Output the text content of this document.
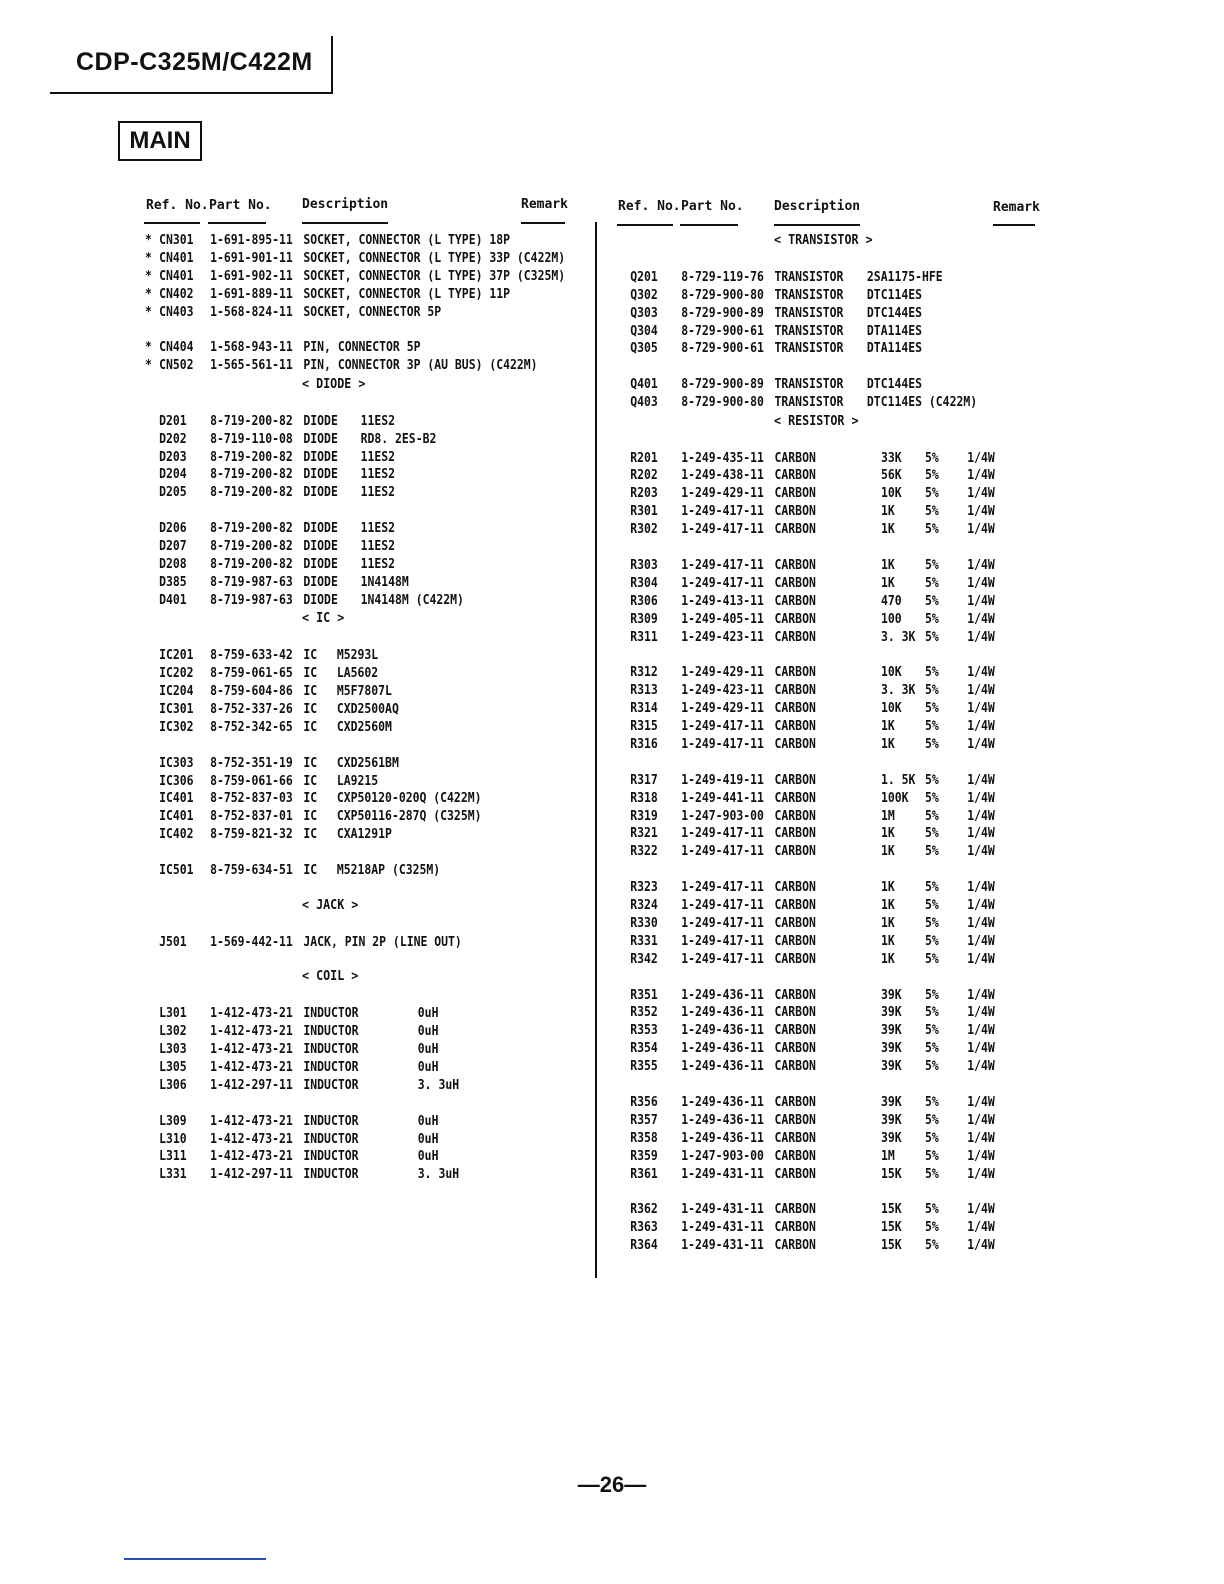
CDP-C325M/C422M
MAIN
Ref. No. Part No. Description	Remark	Ref. No. Part No. Description	Remark
* CN301 1-691-895-11 SOCKET, CONNECTOR (L TYPE) 18P
* CN401 1-691-901-11 SOCKET, CONNECTOR (L TYPE) 33P (C422M)
* CN401 1-691-902-11 SOCKET, CONNECTOR (L TYPE) 37P (C325M)
* CN402 1-691-889-11 SOCKET, CONNECTOR (L TYPE) 11P
* CN403 1-568-824-11 SOCKET, CONNECTOR 5P
* CN404 1-568-943-11 PIN, CONNECTOR 5P
* CN502 1-565-561-11 PIN, CONNECTOR 3P (AU BUS) (C422M)
< DIODE >
D201 8-719-200-82 DIODE 11ES2
D202 8-719-110-08 DIODE RD8. 2ES-B2
D203 8-719-200-82 DIODE 11ES2
D204 8-719-200-82 DIODE 11ES2
D205 8-719-200-82 DIODE 11ES2
D206 8-719-200-82 DIODE 11ES2
D207 8-719-200-82 DIODE 11ES2
D208 8-719-200-82 DIODE 11ES2
D385 8-719-987-63 DIODE 1N4148M
D401 8-719-987-63 DIODE 1N4148M (C422M)
< IC >
IC201 8-759-633-42 IC M5293L
IC202 8-759-061-65 IC LA5602
IC204 8-759-604-86 IC M5F7807L
IC301 8-752-337-26 IC CXD2500AQ
IC302 8-752-342-65 IC CXD2560M
IC303 8-752-351-19 IC CXD2561BM
IC306 8-759-061-66 IC LA9215
IC401 8-752-837-03 IC CXP50120-020Q (C422M)
IC401 8-752-837-01 IC CXP50116-287Q (C325M)
IC402 8-759-821-32 IC CXA1291P
IC501 8-759-634-51 IC M5218AP (C325M)
< JACK >
J501 1-569-442-11 JACK, PIN 2P (LINE OUT)
< COIL >
L301 1-412-473-21 INDUCTOR	0uH
L302 1-412-473-21 INDUCTOR	0uH
L303 1-412-473-21 INDUCTOR	0uH
L305 1-412-473-21 INDUCTOR	0uH
L306 1-412-297-11 INDUCTOR	3. 3uH
L309 1-412-473-21 INDUCTOR	0uH
L310 1-412-473-21 INDUCTOR	0uH
L311 1-412-473-21 INDUCTOR	0uH
L331 1-412-297-11 INDUCTOR	3. 3uH
< TRANSISTOR >
Q201 8-729-119-76 TRANSISTOR 2SA1175-HFE
Q302 8-729-900-80 TRANSISTOR DTC114ES
Q303 8-729-900-89 TRANSISTOR DTC144ES
Q304 8-729-900-61 TRANSISTOR DTA114ES
Q305 8-729-900-61 TRANSISTOR DTA114ES
Q401 8-729-900-89 TRANSISTOR DTC144ES
Q403 8-729-900-80 TRANSISTOR DTC114ES (C422M)
< RESISTOR >
R201 1-249-435-11 CARBON	33K 5% 1/4W
R202 1-249-438-11 CARBON	56K 5% 1/4W
R203 1-249-429-11 CARBON	10K 5% 1/4W
R301 1-249-417-11 CARBON	1K 5% 1/4W
R302 1-249-417-11 CARBON	1K 5% 1/4W
R303 1-249-417-11 CARBON	1K 5% 1/4W
R304 1-249-417-11 CARBON	1K 5% 1/4W
R306 1-249-413-11 CARBON	470 5% 1/4W
R309 1-249-405-11 CARBON	100 5% 1/4W
R311 1-249-423-11 CARBON	3. 3K 5% 1/4W
R312 1-249-429-11 CARBON	10K 5% 1/4W
R313 1-249-423-11 CARBON	3. 3K 5% 1/4W
R314 1-249-429-11 CARBON	10K 5% 1/4W
R315 1-249-417-11 CARBON	1K 5% 1/4W
R316 1-249-417-11 CARBON	1K 5% 1/4W
R317 1-249-419-11 CARBON	1. 5K 5% 1/4W
R318 1-249-441-11 CARBON	100K 5% 1/4W
R319 1-247-903-00 CARBON	1M 5% 1/4W
R321 1-249-417-11 CARBON	1K 5% 1/4W
R322 1-249-417-11 CARBON	1K 5% 1/4W
R323 1-249-417-11 CARBON	1K 5% 1/4W
R324 1-249-417-11 CARBON	1K 5% 1/4W
R330 1-249-417-11 CARBON	1K 5% 1/4W
R331 1-249-417-11 CARBON	1K 5% 1/4W
R342 1-249-417-11 CARBON	1K 5% 1/4W
R351 1-249-436-11 CARBON	39K 5% 1/4W
R352 1-249-436-11 CARBON	39K 5% 1/4W
R353 1-249-436-11 CARBON	39K 5% 1/4W
R354 1-249-436-11 CARBON	39K 5% 1/4W
R355 1-249-436-11 CARBON	39K 5% 1/4W
R356 1-249-436-11 CARBON	39K 5% 1/4W
R357 1-249-436-11 CARBON	39K 5% 1/4W
R358 1-249-436-11 CARBON	39K 5% 1/4W
R359 1-247-903-00 CARBON	1M 5% 1/4W
R361 1-249-431-11 CARBON	15K 5% 1/4W
R362 1-249-431-11 CARBON	15K 5% 1/4W
R363 1-249-431-11 CARBON	15K 5% 1/4W
R364 1-249-431-11 CARBON	15K 5% 1/4W
—26—
